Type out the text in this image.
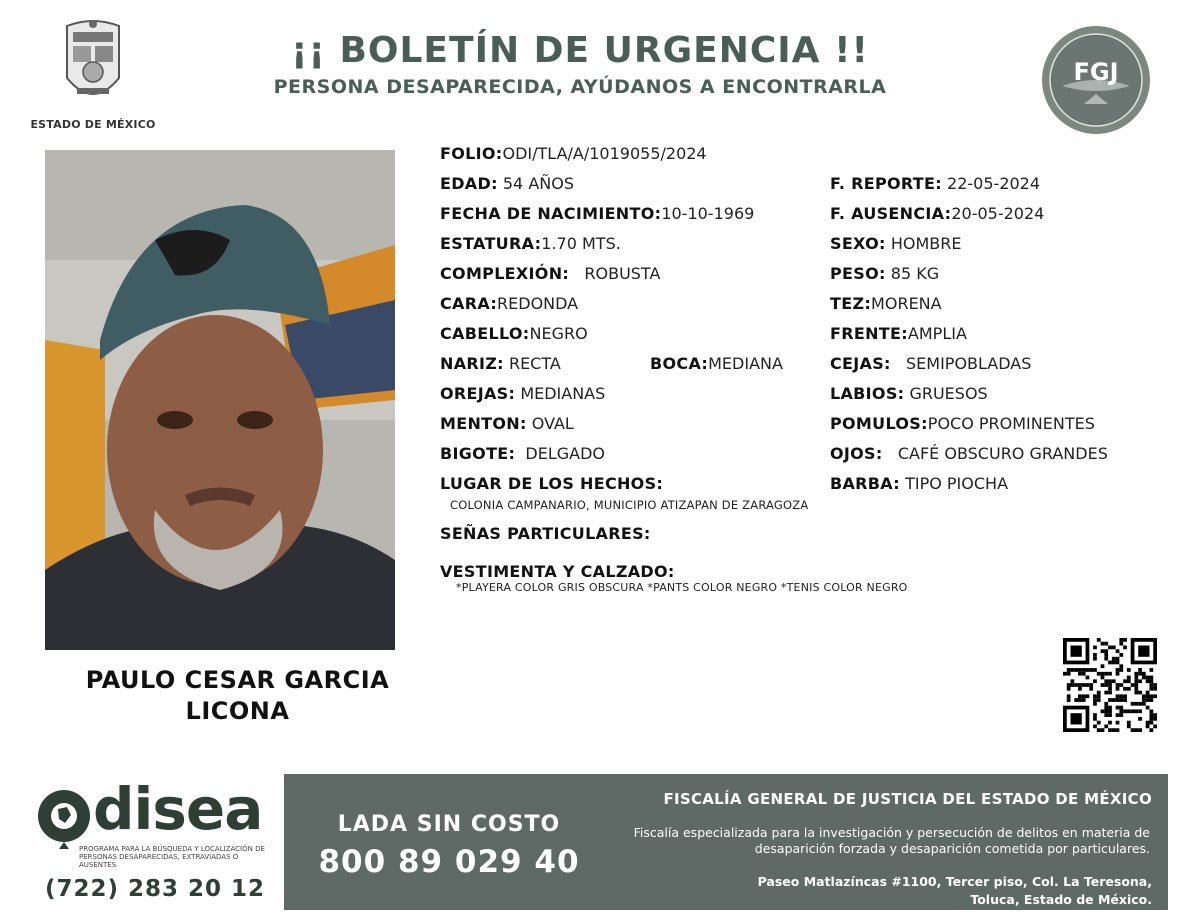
ESTADO DE MÉXICO
¡¡ BOLETÍN DE URGENCIA !!
PERSONA DESAPARECIDA, AYÚDANOS A ENCONTRARLA
FGJ
PAULO CESAR GARCIA
LICONA
FOLIO:ODI/TLA/A/1019055/2024
EDAD: 54 AÑOS
FECHA DE NACIMIENTO:10-10-1969
ESTATURA:1.70 MTS.
COMPLEXIÓN: ROBUSTA
CARA:REDONDA
CABELLO:NEGRO
NARIZ: RECTA	BOCA:MEDIANA
OREJAS: MEDIANAS
MENTON: OVAL
BIGOTE: DELGADO
LUGAR DE LOS HECHOS:
COLONIA CAMPANARIO, MUNICIPIO ATIZAPAN DE ZARAGOZA
SEÑAS PARTICULARES:
VESTIMENTA Y CALZADO:
*PLAYERA COLOR GRIS OBSCURA *PANTS COLOR NEGRO *TENIS COLOR NEGRO
F. REPORTE: 22-05-2024
F. AUSENCIA:20-05-2024
SEXO: HOMBRE
PESO: 85 KG
TEZ:MORENA
FRENTE:AMPLIA
CEJAS: SEMIPOBLADAS
LABIOS: GRUESOS
POMULOS:POCO PROMINENTES
OJOS: CAFÉ OBSCURO GRANDES
BARBA: TIPO PIOCHA
disea
PROGRAMA PARA LA BÚSQUEDA Y LOCALIZACIÓN DE PERSONAS DESAPARECIDAS, EXTRAVIADAS O AUSENTES
(722) 283 20 12
LADA SIN COSTO
800 89 029 40
FISCALÍA GENERAL DE JUSTICIA DEL ESTADO DE MÉXICO
Fiscalía especializada para la investigación y persecución de delitos en materia de desaparición forzada y desaparición cometida por particulares.
Paseo Matlazíncas #1100, Tercer piso, Col. La Teresona,
Toluca, Estado de México.
